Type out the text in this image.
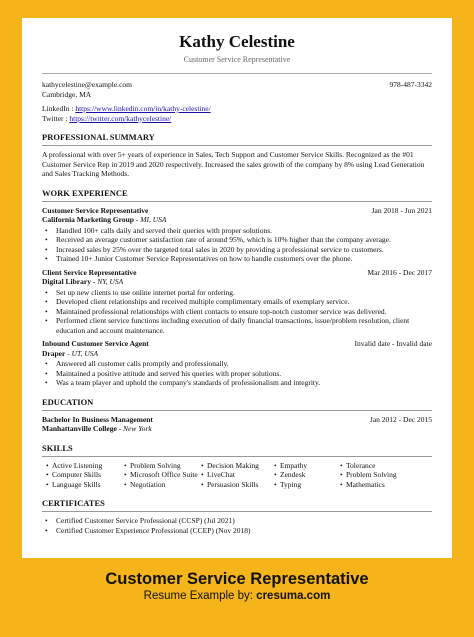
Kathy Celestine
Customer Service Representative
kathycelestine@example.com	978-487-3342
Cambridge, MA
LinkedIn : https://www.linkedin.com/in/kathy-celestine/
Twitter : https://twitter.com/kathycelestine/
PROFESSIONAL SUMMARY
A professional with over 5+ years of experience in Sales, Tech Support and Customer Service Skills. Recognized as the #01 Customer Service Rep in 2019 and 2020 respectively. Increased the sales growth of the company by 8% using Lead Generation and Sales Tracking Methods.
WORK EXPERIENCE
Customer Service Representative	Jan 2018 - Jun 2021
California Marketing Group - MI, USA
• Handled 100+ calls daily and served their queries with proper solutions.
• Received an average customer satisfaction rate of around 95%, which is 10% higher than the company average.
• Increased sales by 25% over the targeted total sales in 2020 by providing a professional service to customers.
• Trained 10+ Junior Customer Service Representatives on how to handle customers over the phone.
Client Service Representative	Mar 2016 - Dec 2017
Digital Library - NY, USA
• Set up new clients to use online internet portal for ordering.
• Developed client relationships and received multiple complimentary emails of exemplary service.
• Maintained professional relationships with client contacts to ensure top-notch customer service was delivered.
• Performed client service functions including execution of daily financial transactions, issue/problem resolution, client education and account maintenance.
Inbound Customer Service Agent	Invalid date - Invalid date
Draper - UT, USA
• Answered all customer calls promptly and professionally.
• Maintained a positive attitude and served his queries with proper solutions.
• Was a team player and uphold the company's standards of professionalism and integrity.
EDUCATION
Bachelor In Business Management	Jan 2012 - Dec 2015
Manhattanville College - New York
SKILLS
• Active Listening	• Problem Solving	• Decision Making	• Empathy	• Tolerance
• Computer Skills	• Microsoft Office Suite	• LiveChat	• Zendesk	• Problem Solving
• Language Skills	• Negotiation	• Persuasion Skills	• Typing	• Mathematics
CERTIFICATES
• Certified Customer Service Professional (CCSP) (Jul 2021)
• Certified Customer Experience Professional (CCEP) (Nov 2018)
Customer Service Representative
Resume Example by: cresuma.com
